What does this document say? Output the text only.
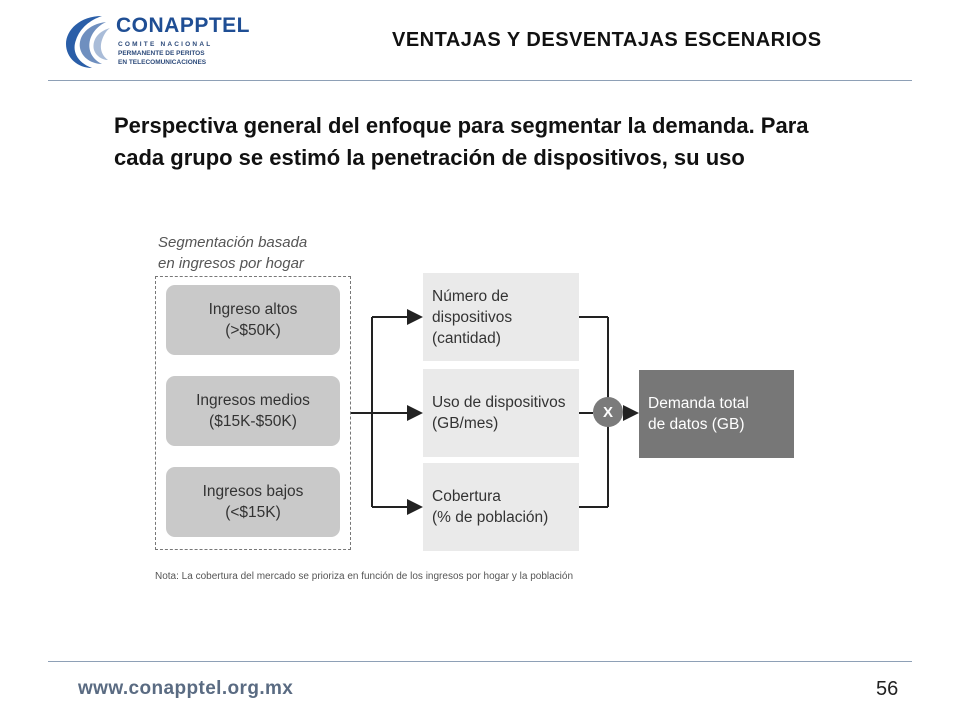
CONAPPTEL
COMITE NACIONAL
PERMANENTE DE PERITOS
EN TELECOMUNICACIONES
VENTAJAS Y DESVENTAJAS ESCENARIOS
Perspectiva general del enfoque para segmentar la demanda. Para cada grupo se estimó la penetración de dispositivos, su uso
Segmentación basada
en ingresos por hogar
Ingreso altos
(>$50K)
Ingresos medios
($15K-$50K)
Ingresos bajos
(<$15K)
Número de
dispositivos
(cantidad)
Uso de dispositivos
(GB/mes)
Cobertura
(% de población)
X	Demanda total
de datos (GB)
Nota: La cobertura del mercado se prioriza en función de los ingresos por hogar y la población
www.conapptel.org.mx	56
